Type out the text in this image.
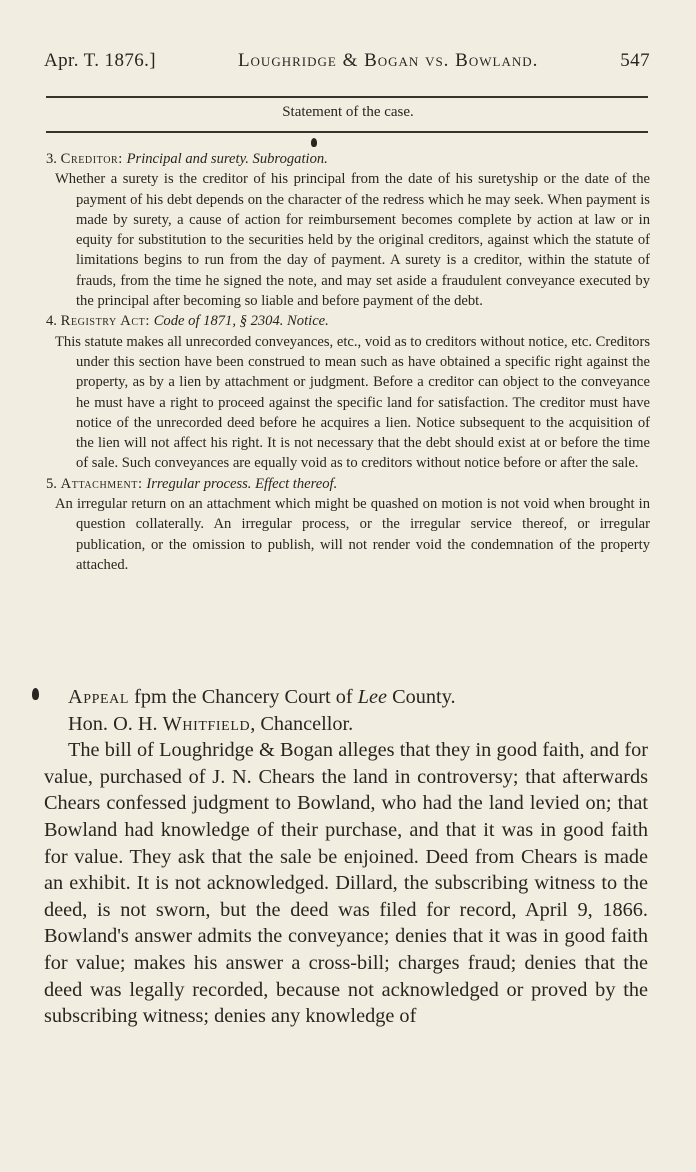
Apr. T. 1876.]	Loughridge & Bogan vs. Bowland.	547
Statement of the case.

3. Creditor: Principal and surety. Subrogation.

Whether a surety is the creditor of his principal from the date of his suretyship or the date of the payment of his debt depends on the character of the redress which he may seek. When payment is made by surety, a cause of action for reimbursement becomes complete by action at law or in equity for substitution to the securities held by the original creditors, against which the statute of limitations begins to run from the day of payment. A surety is a creditor, within the statute of frauds, from the time he signed the note, and may set aside a fraudulent conveyance executed by the principal after becoming so liable and before payment of the debt.

4. Registry Act: Code of 1871, § 2304. Notice.

This statute makes all unrecorded conveyances, etc., void as to creditors without notice, etc. Creditors under this section have been construed to mean such as have obtained a specific right against the property, as by a lien by attachment or judgment. Before a creditor can object to the conveyance he must have a right to proceed against the specific land for satisfaction. The creditor must have notice of the unrecorded deed before he acquires a lien. Notice subsequent to the acquisition of the lien will not affect his right. It is not necessary that the debt should exist at or before the time of sale. Such conveyances are equally void as to creditors without notice before or after the sale.

5. Attachment: Irregular process. Effect thereof.

An irregular return on an attachment which might be quashed on motion is not void when brought in question collaterally. An irregular process, or the irregular service thereof, or irregular publication, or the omission to publish, will not render void the condemnation of the property attached.

Appeal fpm the Chancery Court of Lee County.

Hon. O. H. Whitfield, Chancellor.

The bill of Loughridge & Bogan alleges that they in good faith, and for value, purchased of J. N. Chears the land in controversy; that afterwards Chears confessed judgment to Bowland, who had the land levied on; that Bowland had knowledge of their purchase, and that it was in good faith for value. They ask that the sale be enjoined. Deed from Chears is made an exhibit. It is not acknowledged. Dillard, the subscribing witness to the deed, is not sworn, but the deed was filed for record, April 9, 1866. Bowland's answer admits the conveyance; denies that it was in good faith for value; makes his answer a cross-bill; charges fraud; denies that the deed was legally recorded, because not acknowledged or proved by the subscribing witness; denies any knowledge of
